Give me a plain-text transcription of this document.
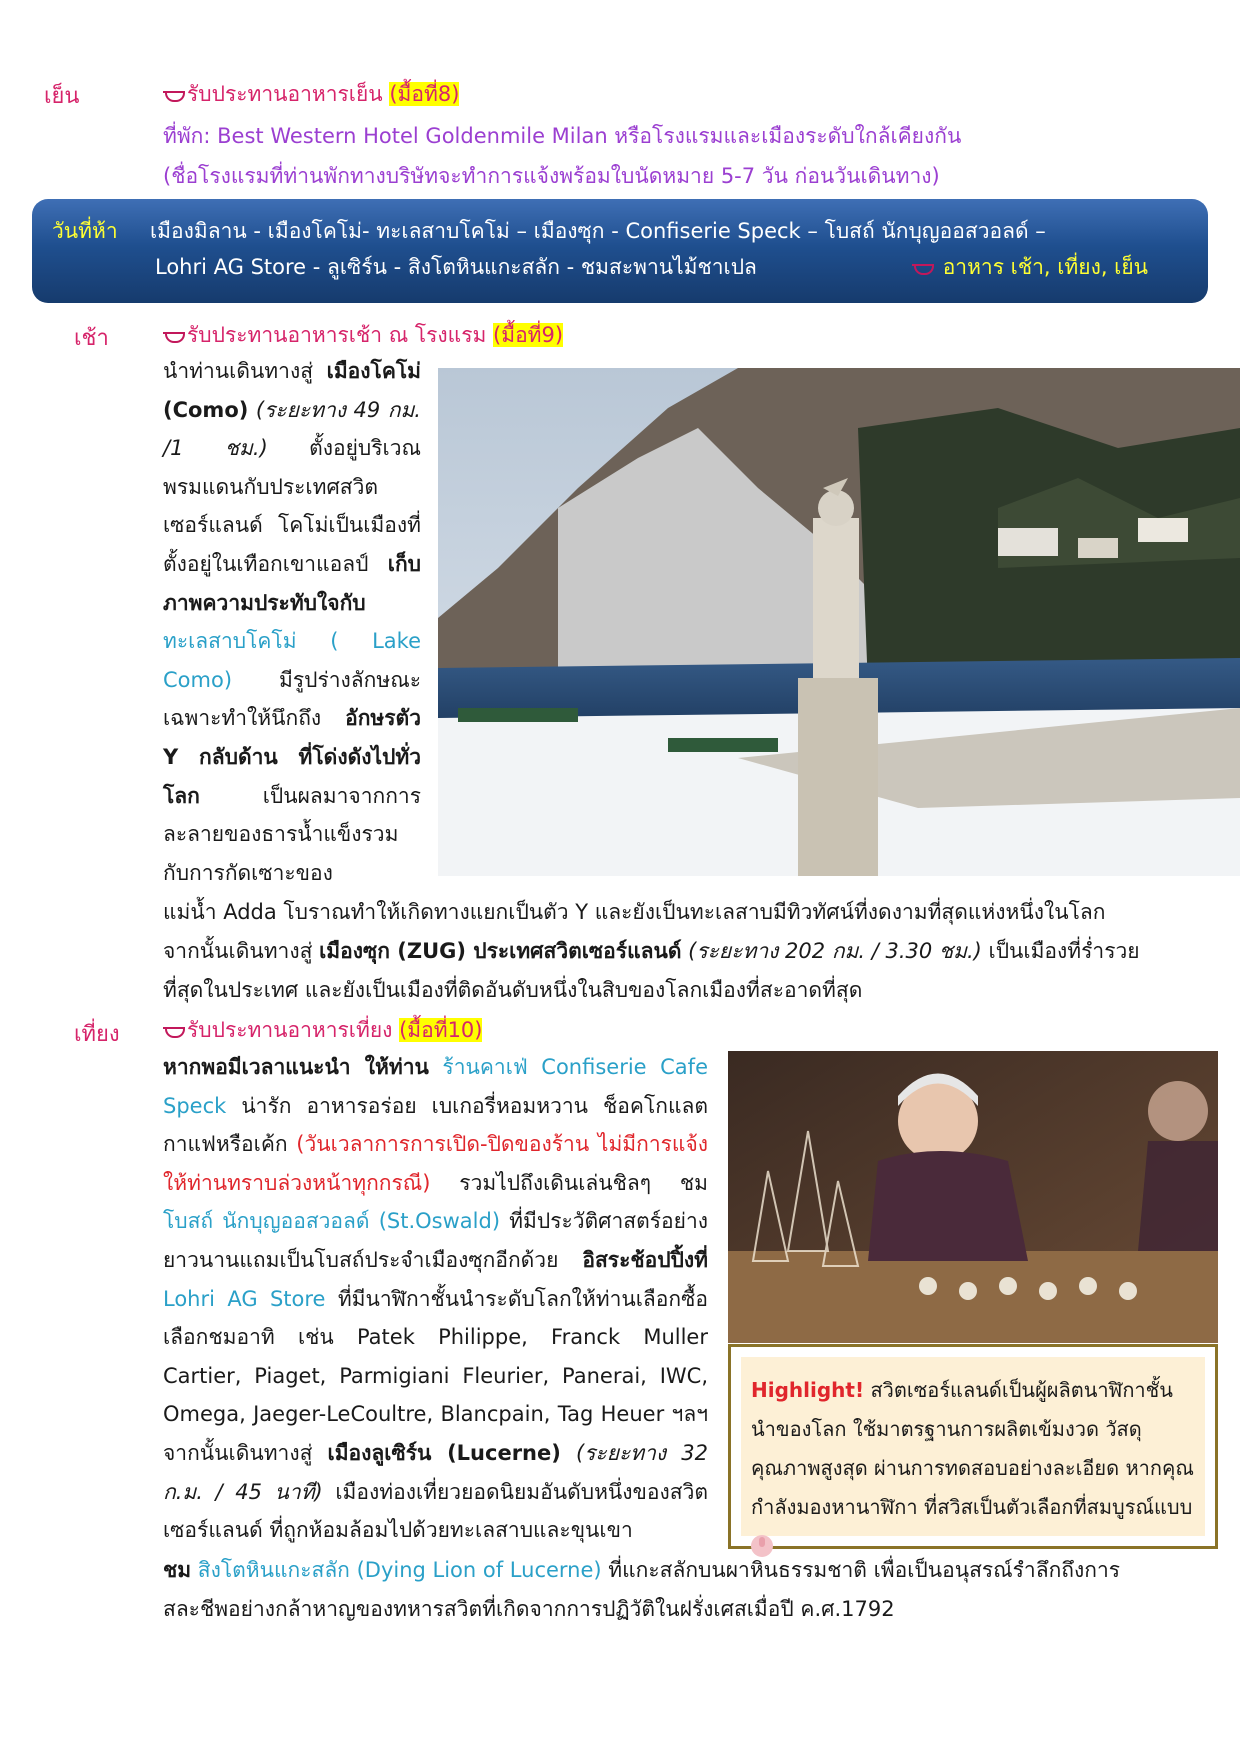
เย็น	รับประทานอาหารเย็น (มื้อที่8)
ที่พัก: Best Western Hotel Goldenmile Milan หรือโรงแรมและเมืองระดับใกล้เคียงกัน
(ชื่อโรงแรมที่ท่านพักทางบริษัทจะทำการแจ้งพร้อมใบนัดหมาย 5-7 วัน ก่อนวันเดินทาง)
วันที่ห้า เมืองมิลาน - เมืองโคโม่- ทะเลสาบโคโม่ – เมืองซุก - Confiserie Speck – โบสถ์ นักบุญออสวอลด์ –
Lohri AG Store - ลูเซิร์น - สิงโตหินแกะสลัก - ชมสะพานไม้ชาเปล	อาหาร เช้า, เที่ยง, เย็น
เช้า	รับประทานอาหารเช้า ณ โรงแรม (มื้อที่9)
นำท่านเดินทางสู่ เมืองโคโม่ (Como) (ระยะทาง 49 กม. /1 ชม.) ตั้งอยู่บริเวณพรมแดนกับประเทศสวิตเซอร์แลนด์ โคโม่เป็นเมืองที่ตั้งอยู่ในเทือกเขาแอลป์ เก็บภาพความประทับใจกับ ทะเลสาบโคโม่ ( Lake Como) มีรูปร่างลักษณะเฉพาะทำให้นึกถึง อักษรตัว Y กลับด้าน ที่โด่งดังไปทั่วโลก เป็นผลมาจากการละลายของธารน้ำแข็งรวมกับการกัดเซาะของ
แม่น้ำ Adda โบราณทำให้เกิดทางแยกเป็นตัว Y และยังเป็นทะเลสาบมีทิวทัศน์ที่งดงามที่สุดแห่งหนึ่งในโลก
จากนั้นเดินทางสู่ เมืองซุก (ZUG) ประเทศสวิตเซอร์แลนด์ (ระยะทาง 202 กม. / 3.30 ชม.) เป็นเมืองที่ร่ำรวย
ที่สุดในประเทศ และยังเป็นเมืองที่ติดอันดับหนึ่งในสิบของโลกเมืองที่สะอาดที่สุด
เที่ยง	รับประทานอาหารเที่ยง (มื้อที่10)
หากพอมีเวลาแนะนำ ให้ท่าน ร้านคาเฟ่ Confiserie Cafe Speck น่ารัก อาหารอร่อย เบเกอรี่หอมหวาน ช็อคโกแลต กาแฟหรือเค้ก (วันเวลาการการเปิด-ปิดของร้าน ไม่มีการแจ้งให้ท่านทราบล่วงหน้าทุกกรณี) รวมไปถึงเดินเล่นชิลๆ ชม โบสถ์ นักบุญออสวอลด์ (St.Oswald) ที่มีประวัติศาสตร์อย่างยาวนานแถมเป็นโบสถ์ประจำเมืองซุกอีกด้วย อิสระช้อปปิ้งที่ Lohri AG Store ที่มีนาฬิกาชั้นนำระดับโลกให้ท่านเลือกซื้อเลือกชมอาทิ เช่น Patek Philippe, Franck Muller Cartier, Piaget, Parmigiani Fleurier, Panerai, IWC, Omega, Jaeger-LeCoultre, Blancpain, Tag Heuer ฯลฯ จากนั้นเดินทางสู่ เมืองลูเซิร์น (Lucerne) (ระยะทาง 32 ก.ม. / 45 นาที) เมืองท่องเที่ยวยอดนิยมอันดับหนึ่งของสวิตเซอร์แลนด์ ที่ถูกห้อมล้อมไปด้วยทะเลสาบและขุนเขา
Highlight! สวิตเซอร์แลนด์เป็นผู้ผลิตนาฬิกาชั้นนำของโลก ใช้มาตรฐานการผลิตเข้มงวด วัสดุคุณภาพสูงสุด ผ่านการทดสอบอย่างละเอียด หากคุณกำลังมองหานาฬิกา ที่สวิสเป็นตัวเลือกที่สมบูรณ์แบบ
ชม สิงโตหินแกะสลัก (Dying Lion of Lucerne) ที่แกะสลักบนผาหินธรรมชาติ เพื่อเป็นอนุสรณ์รำลึกถึงการ
สละชีพอย่างกล้าหาญของทหารสวิตที่เกิดจากการปฏิวัติในฝรั่งเศสเมื่อปี ค.ศ.1792
